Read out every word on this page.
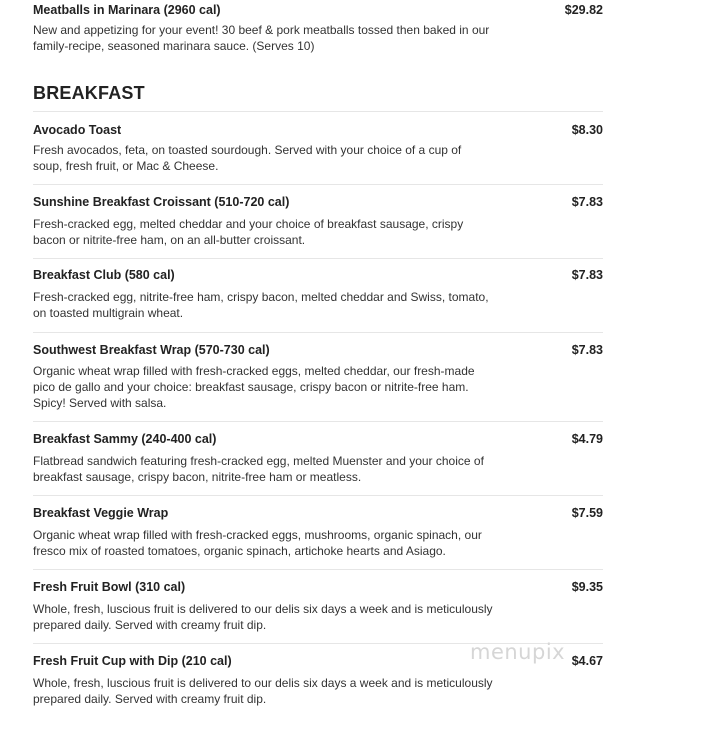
$29.82
Meatballs in Marinara (2960 cal)
New and appetizing for your event! 30 beef & pork meatballs tossed then baked in our family-recipe, seasoned marinara sauce. (Serves 10)
BREAKFAST
$8.30
Avocado Toast
Fresh avocados, feta, on toasted sourdough. Served with your choice of a cup of soup, fresh fruit, or Mac & Cheese.
$7.83
Sunshine Breakfast Croissant (510-720 cal)
Fresh-cracked egg, melted cheddar and your choice of breakfast sausage, crispy bacon or nitrite-free ham, on an all-butter croissant.
$7.83
Breakfast Club (580 cal)
Fresh-cracked egg, nitrite-free ham, crispy bacon, melted cheddar and Swiss, tomato, on toasted multigrain wheat.
$7.83
Southwest Breakfast Wrap (570-730 cal)
Organic wheat wrap filled with fresh-cracked eggs, melted cheddar, our fresh-made pico de gallo and your choice: breakfast sausage, crispy bacon or nitrite-free ham. Spicy! Served with salsa.
$4.79
Breakfast Sammy (240-400 cal)
Flatbread sandwich featuring fresh-cracked egg, melted Muenster and your choice of breakfast sausage, crispy bacon, nitrite-free ham or meatless.
$7.59
Breakfast Veggie Wrap
Organic wheat wrap filled with fresh-cracked eggs, mushrooms, organic spinach, our fresco mix of roasted tomatoes, organic spinach, artichoke hearts and Asiago.
$9.35
Fresh Fruit Bowl (310 cal)
Whole, fresh, luscious fruit is delivered to our delis six days a week and is meticulously prepared daily. Served with creamy fruit dip.
$4.67
Fresh Fruit Cup with Dip (210 cal)
Whole, fresh, luscious fruit is delivered to our delis six days a week and is meticulously prepared daily. Served with creamy fruit dip.
menupix
